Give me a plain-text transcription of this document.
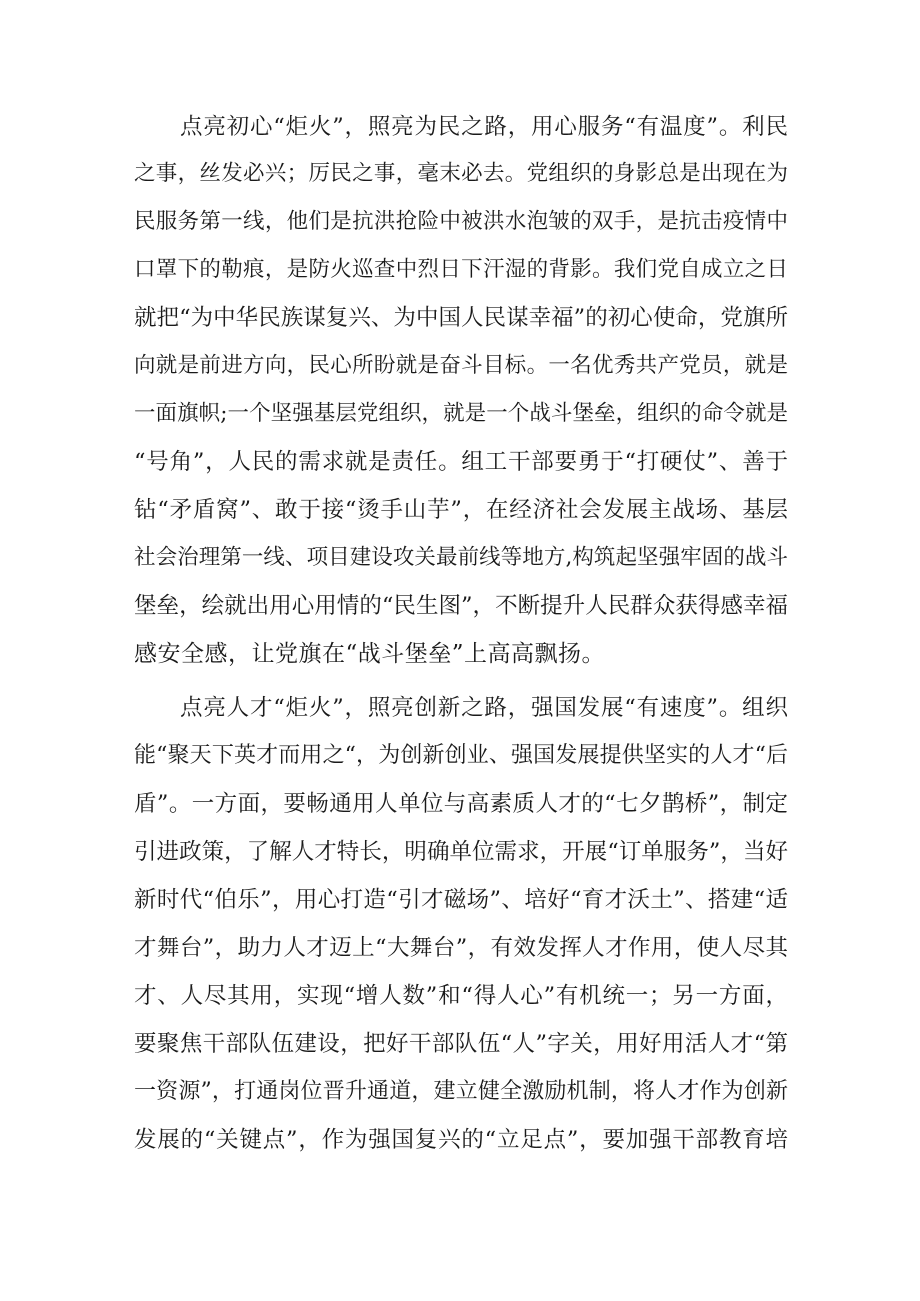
点亮初心“炬火”，照亮为民之路，用心服务“有温度”。利民
之事，丝发必兴；厉民之事，毫末必去。党组织的身影总是出现在为
民服务第一线，他们是抗洪抢险中被洪水泡皱的双手，是抗击疫情中
口罩下的勒痕，是防火巡查中烈日下汗湿的背影。我们党自成立之日
就把“为中华民族谋复兴、为中国人民谋幸福”的初心使命，党旗所
向就是前进方向，民心所盼就是奋斗目标。一名优秀共产党员，就是
一面旗帜;一个坚强基层党组织，就是一个战斗堡垒，组织的命令就是
“号角”，人民的需求就是责任。组工干部要勇于“打硬仗”、善于
钻“矛盾窝”、敢于接“烫手山芋”，在经济社会发展主战场、基层
社会治理第一线、项目建设攻关最前线等地方,构筑起坚强牢固的战斗
堡垒，绘就出用心用情的“民生图”，不断提升人民群众获得感幸福
感安全感，让党旗在“战斗堡垒”上高高飘扬。
点亮人才“炬火”，照亮创新之路，强国发展“有速度”。组织
能“聚天下英才而用之“，为创新创业、强国发展提供坚实的人才“后
盾”。一方面，要畅通用人单位与高素质人才的“七夕鹊桥”，制定
引进政策，了解人才特长，明确单位需求，开展“订单服务”，当好
新时代“伯乐”，用心打造“引才磁场”、培好“育才沃土”、搭建“适
才舞台”，助力人才迈上“大舞台”，有效发挥人才作用，使人尽其
才、人尽其用，实现“增人数”和“得人心”有机统一；另一方面，
要聚焦干部队伍建设，把好干部队伍“人”字关，用好用活人才“第
一资源”，打通岗位晋升通道，建立健全激励机制，将人才作为创新
发展的“关键点”，作为强国复兴的“立足点”，要加强干部教育培
